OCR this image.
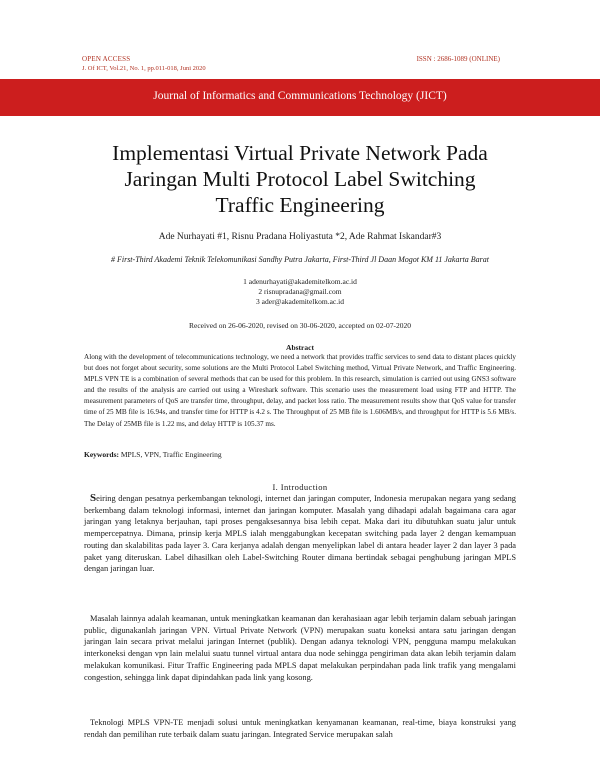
OPEN ACCESS
J. Of ICT, Vol.21, No. 1, pp.011-018, Juni 2020
ISSN : 2686-1089 (ONLINE)
Journal of Informatics and Communications Technology (JICT)
Implementasi Virtual Private Network Pada
Jaringan Multi Protocol Label Switching
Traffic Engineering
Ade Nurhayati #1, Risnu Pradana Holiyastuta *2, Ade Rahmat Iskandar#3
# First-Third Akademi Teknik Telekomunikasi Sandhy Putra Jakarta, First-Third Jl Daan Mogot KM 11 Jakarta Barat
1 adenurhayati@akademitelkom.ac.id
2 risnupradana@gmail.com
3 ader@akademitelkom.ac.id
Received on 26-06-2020, revised on 30-06-2020, accepted on 02-07-2020
Abstract

Along with the development of telecommunications technology, we need a network that provides traffic services to send data to distant places quickly but does not forget about security, some solutions are the Multi Protocol Label Switching method, Virtual Private Network, and Traffic Engineering. MPLS VPN TE is a combination of several methods that can be used for this problem. In this research, simulation is carried out using GNS3 software and the results of the analysis are carried out using a Wireshark software. This scenario uses the measurement load using FTP and HTTP. The measurement parameters of QoS are transfer time, throughput, delay, and packet loss ratio. The measurement results show that QoS value for transfer time of 25 MB file is 16.94s, and transfer time for HTTP is 4.2 s. The Throughput of 25 MB file is 1.606MB/s, and throughput for HTTP is 5.6 MB/s. The Delay of 25MB file is 1.22 ms, and delay HTTP is 105.37 ms.

Keywords: MPLS, VPN, Traffic Engineering
I. Introduction

Seiring dengan pesatnya perkembangan teknologi, internet dan jaringan computer, Indonesia merupakan negara yang sedang berkembang dalam teknologi informasi, internet dan jaringan komputer. Masalah yang dihadapi adalah bagaimana cara agar jaringan yang letaknya berjauhan, tapi proses pengaksesannya bisa lebih cepat. Maka dari itu dibutuhkan suatu jalur untuk mempercepatnya. Dimana, prinsip kerja MPLS ialah menggabungkan kecepatan switching pada layer 2 dengan kemampuan routing dan skalabilitas pada layer 3. Cara kerjanya adalah dengan menyelipkan label di antara header layer 2 dan layer 3 pada paket yang diteruskan. Label dihasilkan oleh Label-Switching Router dimana bertindak sebagai penghubung jaringan MPLS dengan jaringan luar.

Masalah lainnya adalah keamanan, untuk meningkatkan keamanan dan kerahasiaan agar lebih terjamin dalam sebuah jaringan public, digunakanlah jaringan VPN. Virtual Private Network (VPN) merupakan suatu koneksi antara satu jaringan dengan jaringan lain secara privat melalui jaringan Internet (publik). Dengan adanya teknologi VPN, pengguna mampu melakukan interkoneksi dengan vpn lain melalui suatu tunnel virtual antara dua node sehingga pengiriman data akan lebih terjamin dalam melakukan komunikasi. Fitur Traffic Engineering pada MPLS dapat melakukan perpindahan pada link trafik yang mengalami congestion, sehingga link dapat dipindahkan pada link yang kosong.

Teknologi MPLS VPN-TE menjadi solusi untuk meningkatkan kenyamanan keamanan, real-time, biaya konstruksi yang rendah dan pemilihan rute terbaik dalam suatu jaringan. Integrated Service merupakan salah
